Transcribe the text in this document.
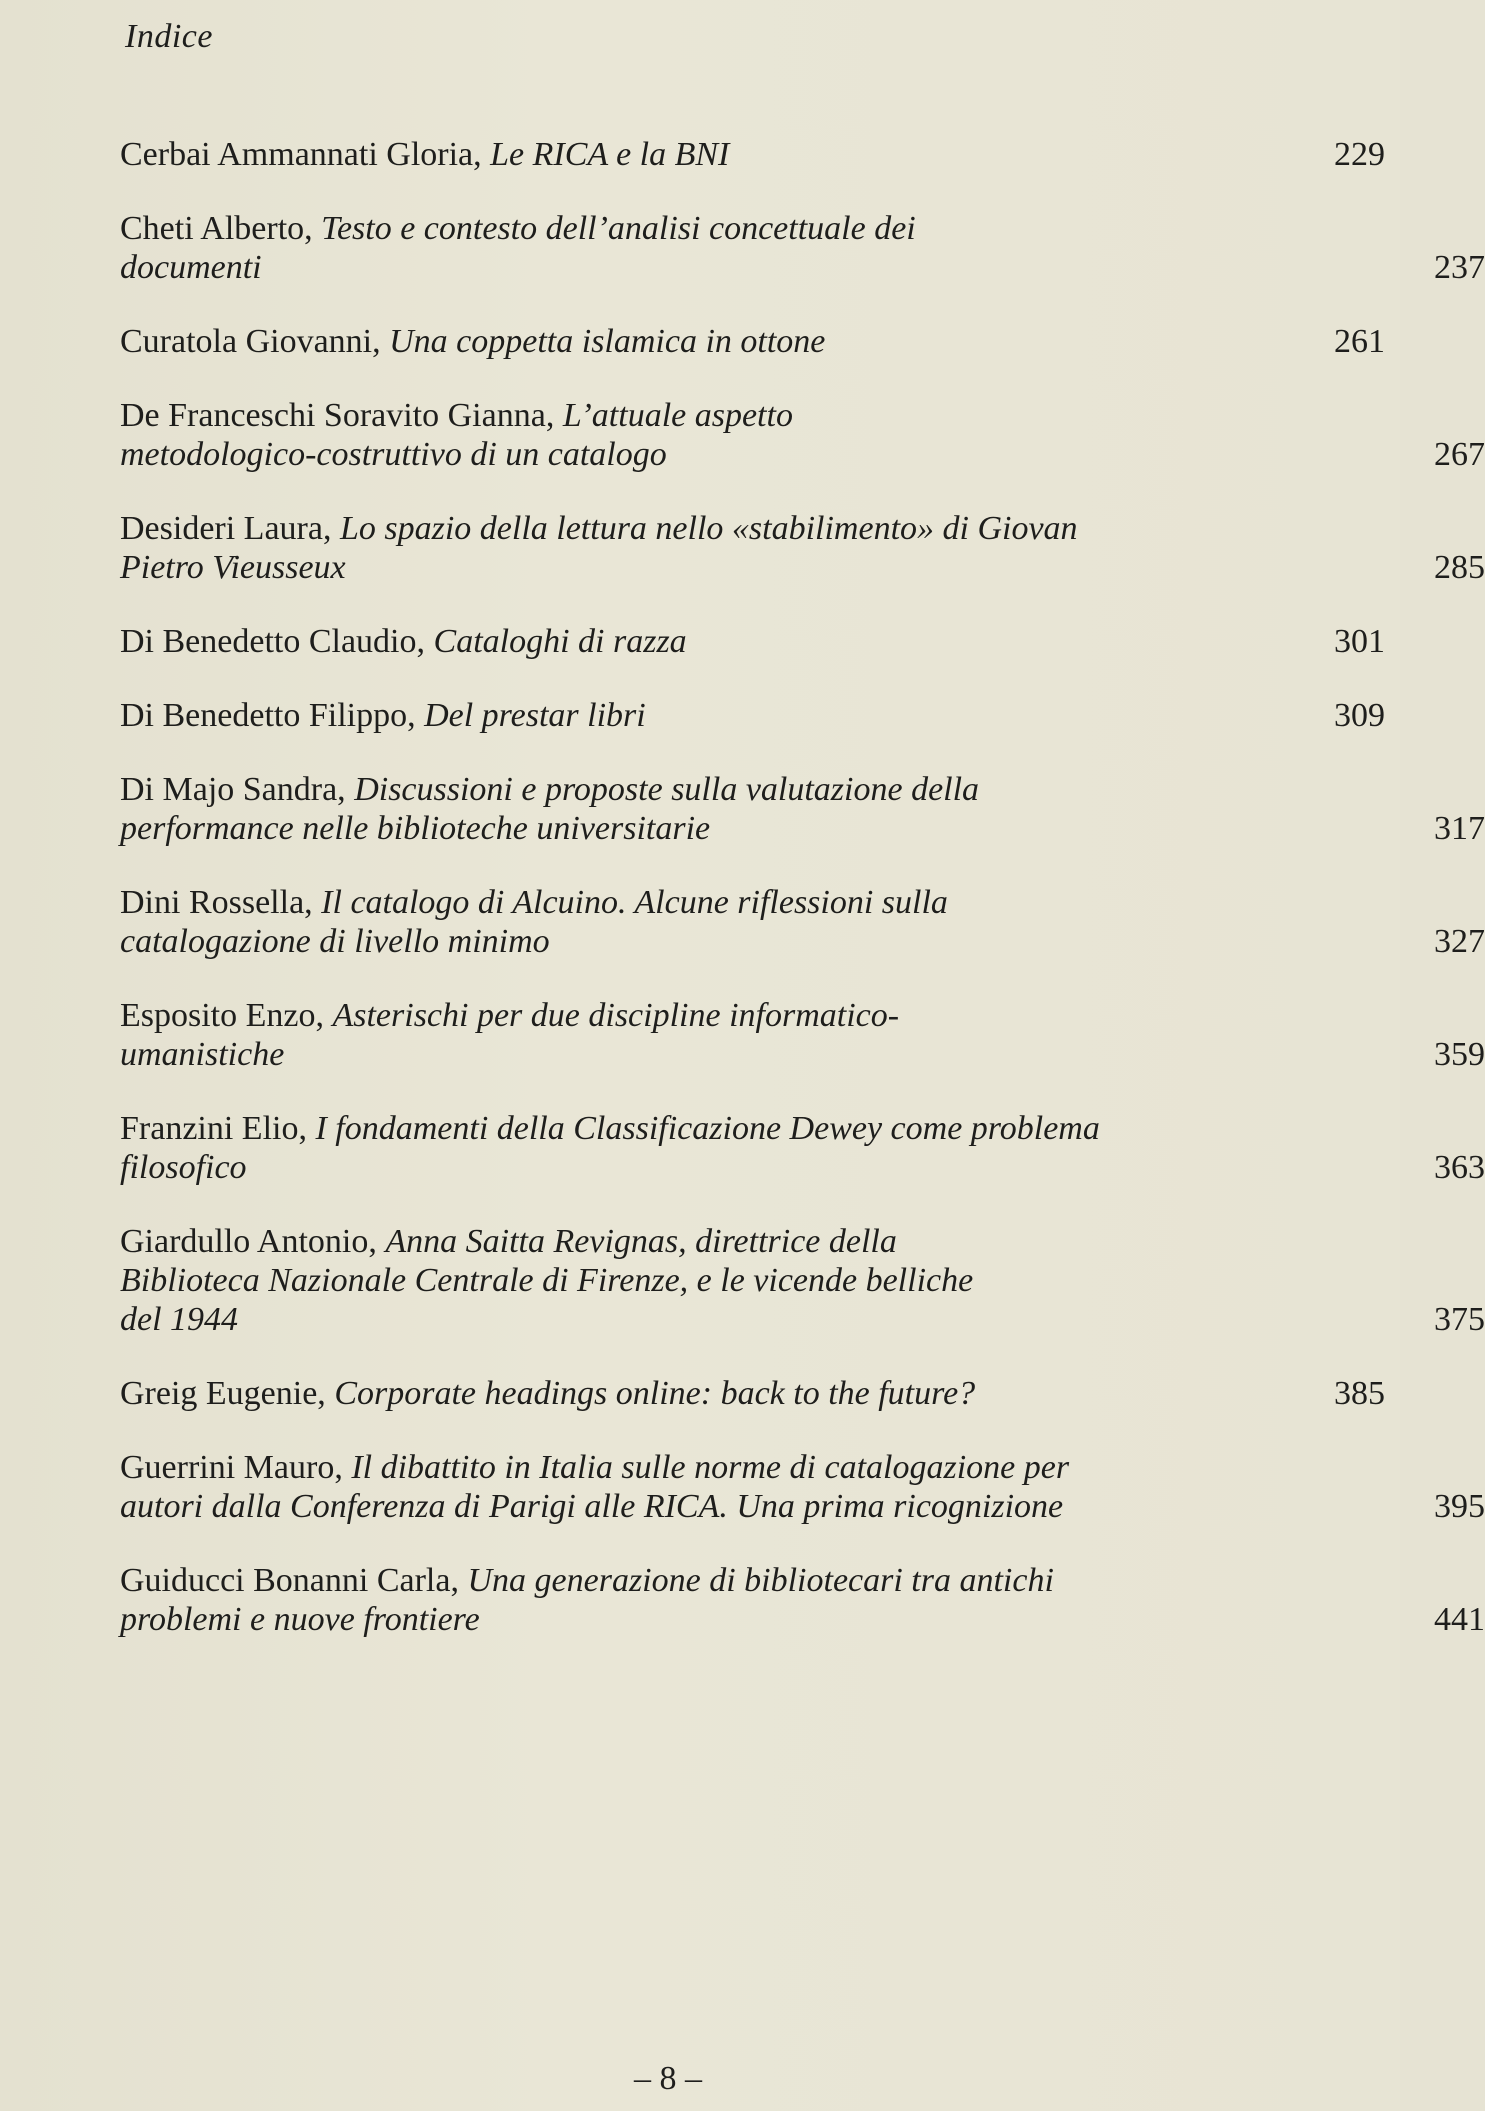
Indice
Cerbai Ammannati Gloria, Le RICA e la BNI	229
Cheti Alberto, Testo e contesto dell’analisi concettuale dei documenti	237
Curatola Giovanni, Una coppetta islamica in ottone	261
De Franceschi Soravito Gianna, L’attuale aspetto metodologico-costruttivo di un catalogo	267
Desideri Laura, Lo spazio della lettura nello «stabilimento» di Giovan Pietro Vieusseux	285
Di Benedetto Claudio, Cataloghi di razza	301
Di Benedetto Filippo, Del prestar libri	309
Di Majo Sandra, Discussioni e proposte sulla valutazione della performance nelle biblioteche universitarie	317
Dini Rossella, Il catalogo di Alcuino. Alcune riflessioni sulla catalogazione di livello minimo	327
Esposito Enzo, Asterischi per due discipline informatico-umanistiche	359
Franzini Elio, I fondamenti della Classificazione Dewey come problema filosofico	363
Giardullo Antonio, Anna Saitta Revignas, direttrice della Biblioteca Nazionale Centrale di Firenze, e le vicende belliche del 1944	375
Greig Eugenie, Corporate headings online: back to the future?	385
Guerrini Mauro, Il dibattito in Italia sulle norme di catalogazione per autori dalla Conferenza di Parigi alle RICA. Una prima ricognizione	395
Guiducci Bonanni Carla, Una generazione di bibliotecari tra antichi problemi e nuove frontiere	441
– 8 –
